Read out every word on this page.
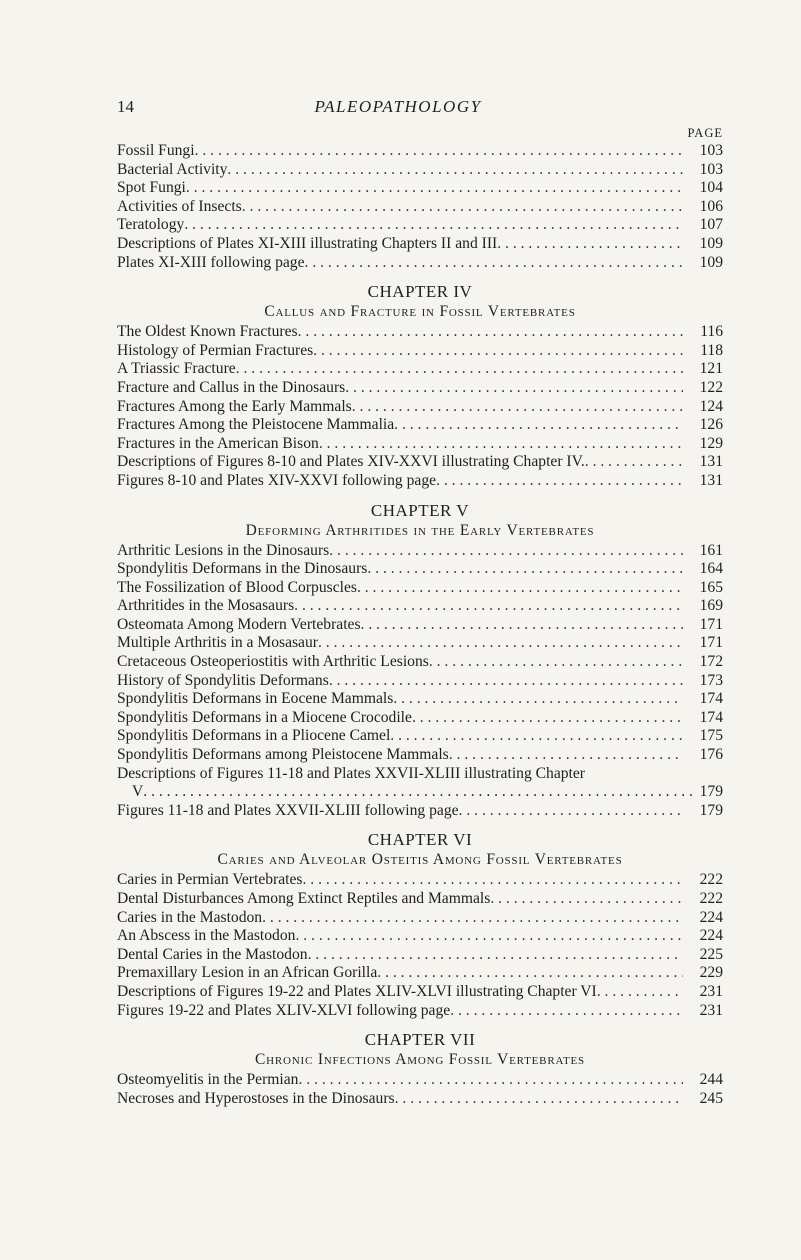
14	PALEOPATHOLOGY
PAGE
Fossil Fungi . . .	103
Bacterial Activity . . .	103
Spot Fungi . . .	104
Activities of Insects . . .	106
Teratology . . .	107
Descriptions of Plates XI-XIII illustrating Chapters II and III . . .	109
Plates XI-XIII following page . . .	109
CHAPTER IV
Callus and Fracture in Fossil Vertebrates
The Oldest Known Fractures . . .	116
Histology of Permian Fractures . . .	118
A Triassic Fracture . . .	121
Fracture and Callus in the Dinosaurs . . .	122
Fractures Among the Early Mammals . . .	124
Fractures Among the Pleistocene Mammalia . . .	126
Fractures in the American Bison . . .	129
Descriptions of Figures 8-10 and Plates XIV-XXVI illustrating Chapter IV. . . .	131
Figures 8-10 and Plates XIV-XXVI following page . . .	131
CHAPTER V
Deforming Arthritides in the Early Vertebrates
Arthritic Lesions in the Dinosaurs . . .	161
Spondylitis Deformans in the Dinosaurs . . .	164
The Fossilization of Blood Corpuscles . . .	165
Arthritides in the Mosasaurs . . .	169
Osteomata Among Modern Vertebrates . . .	171
Multiple Arthritis in a Mosasaur . . .	171
Cretaceous Osteoperiostitis with Arthritic Lesions . . .	172
History of Spondylitis Deformans . . .	173
Spondylitis Deformans in Eocene Mammals . . .	174
Spondylitis Deformans in a Miocene Crocodile . . .	174
Spondylitis Deformans in a Pliocene Camel . . .	175
Spondylitis Deformans among Pleistocene Mammals . . .	176
Descriptions of Figures 11-18 and Plates XXVII-XLIII illustrating Chapter
V . . .	179
Figures 11-18 and Plates XXVII-XLIII following page . . .	179
CHAPTER VI
Caries and Alveolar Osteitis Among Fossil Vertebrates
Caries in Permian Vertebrates . . .	222
Dental Disturbances Among Extinct Reptiles and Mammals . . .	222
Caries in the Mastodon . . .	224
An Abscess in the Mastodon . . .	224
Dental Caries in the Mastodon . . .	225
Premaxillary Lesion in an African Gorilla . . .	229
Descriptions of Figures 19-22 and Plates XLIV-XLVI illustrating Chapter VI . . .	231
Figures 19-22 and Plates XLIV-XLVI following page . . .	231
CHAPTER VII
Chronic Infections Among Fossil Vertebrates
Osteomyelitis in the Permian . . .	244
Necroses and Hyperostoses in the Dinosaurs . . .	245
